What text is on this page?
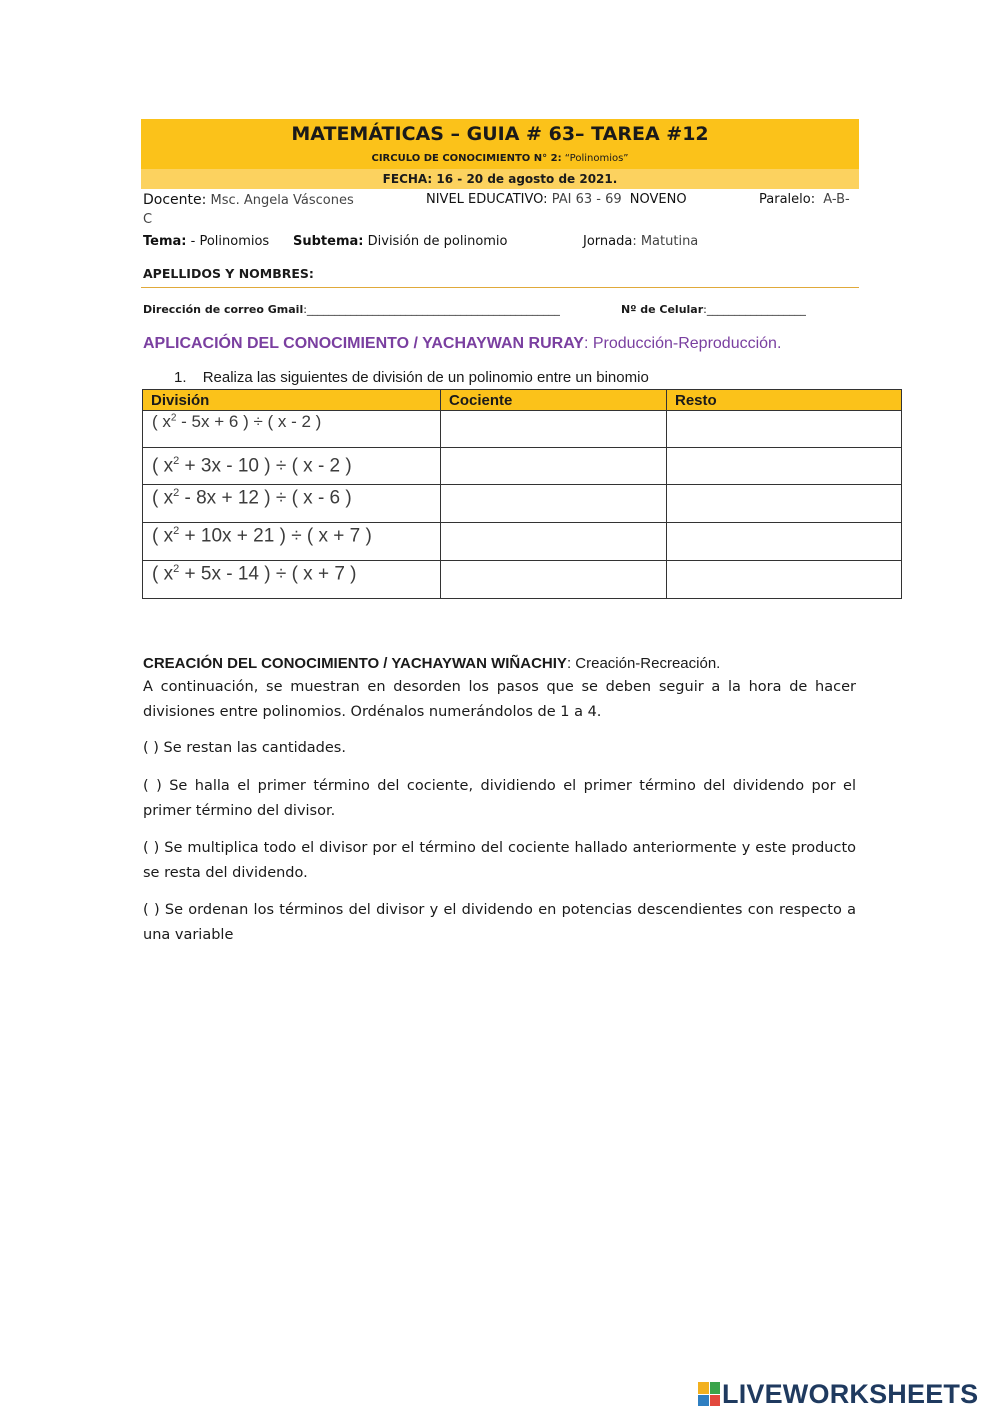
MATEMÁTICAS – GUIA # 63– TAREA #12
CIRCULO DE CONOCIMIENTO N° 2: “Polinomios”
FECHA: 16 - 20 de agosto de 2021.
Docente: Msc. Angela Váscones	NIVEL EDUCATIVO: PAI 63 - 69 NOVENO	Paralelo: A-B-
C
Tema: - Polinomios Subtema: División de polinomio	Jornada: Matutina
APELLIDOS Y NOMBRES:
Dirección de correo Gmail:______________________________________________	Nº de Celular:__________________
APLICACIÓN DEL CONOCIMIENTO / YACHAYWAN RURAY: Producción-Reproducción.
1. Realiza las siguientes de división de un polinomio entre un binomio
División	Cociente	Resto
( $x^2 - 5x + 6$ ) ÷ ( x - 2 )		
( $x^2 + 3x - 10$ ) ÷ ( x - 2 )		
( $x^2 - 8x + 12$ ) ÷ ( x - 6 )		
( $x^2 + 10x + 21$ ) ÷ ( x + 7 )		
( $x^2 + 5x - 14$ ) ÷ ( x + 7 )		
CREACIÓN DEL CONOCIMIENTO / YACHAYWAN WIÑACHIY: Creación-Recreación.
A continuación, se muestran en desorden los pasos que se deben seguir a la hora de hacer divisiones entre polinomios. Ordénalos numerándolos de 1 a 4.
( ) Se restan las cantidades.
( ) Se halla el primer término del cociente, dividiendo el primer término del dividendo por el primer término del divisor.
( ) Se multiplica todo el divisor por el término del cociente hallado anteriormente y este producto se resta del dividendo.
( ) Se ordenan los términos del divisor y el dividendo en potencias descendientes con respecto a una variable
LIVEWORKSHEETS
